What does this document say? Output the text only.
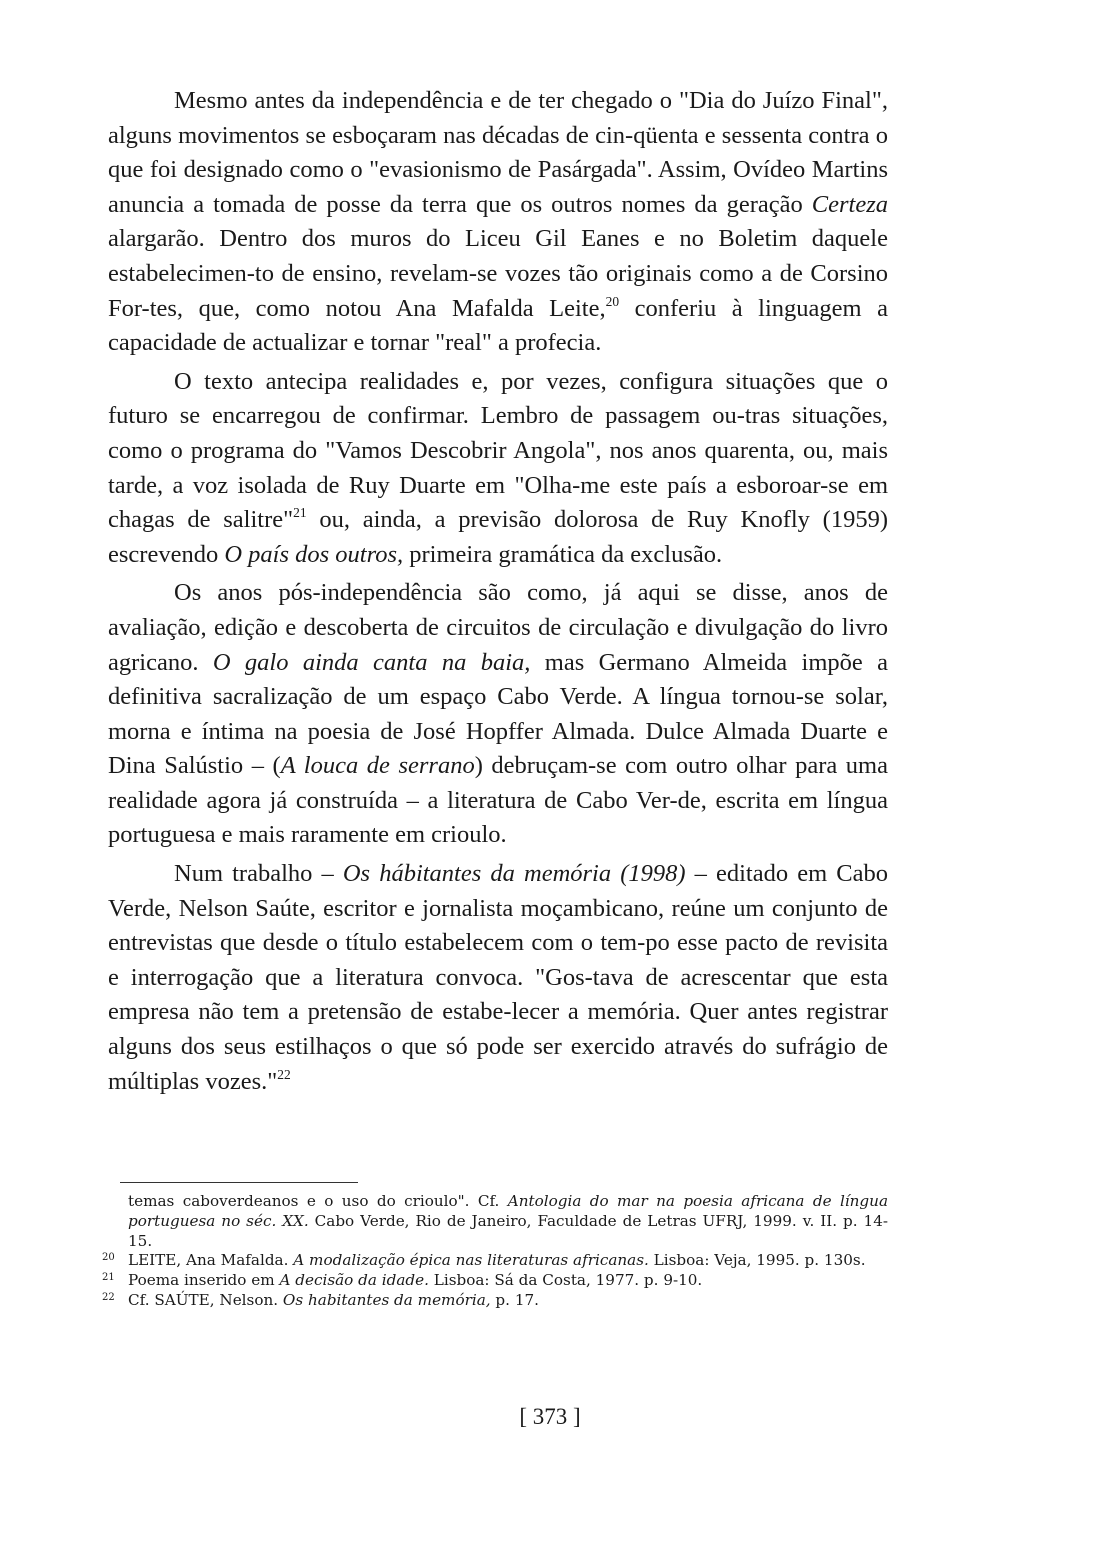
Mesmo antes da independência e de ter chegado o "Dia do Juízo Final", alguns movimentos se esboçaram nas décadas de cin-qüenta e sessenta contra o que foi designado como o "evasionismo de Pasárgada". Assim, Ovídeo Martins anuncia a tomada de posse da terra que os outros nomes da geração Certeza alargarão. Dentro dos muros do Liceu Gil Eanes e no Boletim daquele estabelecimen-to de ensino, revelam-se vozes tão originais como a de Corsino For-tes, que, como notou Ana Mafalda Leite,$^{20}$ conferiu à linguagem a capacidade de actualizar e tornar "real" a profecia.

O texto antecipa realidades e, por vezes, configura situações que o futuro se encarregou de confirmar. Lembro de passagem ou-tras situações, como o programa do "Vamos Descobrir Angola", nos anos quarenta, ou, mais tarde, a voz isolada de Ruy Duarte em "Olha-me este país a esboroar-se em chagas de salitre"$^{21}$ ou, ainda, a previsão dolorosa de Ruy Knofly (1959) escrevendo O país dos outros, primeira gramática da exclusão.

Os anos pós-independência são como, já aqui se disse, anos de avaliação, edição e descoberta de circuitos de circulação e divulgação do livro agricano. O galo ainda canta na baia, mas Germano Almeida impõe a definitiva sacralização de um espaço Cabo Verde. A língua tornou-se solar, morna e íntima na poesia de José Hopffer Almada. Dulce Almada Duarte e Dina Salústio – (A louca de serrano) debruçam-se com outro olhar para uma realidade agora já construída – a literatura de Cabo Ver-de, escrita em língua portuguesa e mais raramente em crioulo.

Num trabalho – Os hábitantes da memória (1998) – editado em Cabo Verde, Nelson Saúte, escritor e jornalista moçambicano, reúne um conjunto de entrevistas que desde o título estabelecem com o tem-po esse pacto de revisita e interrogação que a literatura convoca. "Gos-tava de acrescentar que esta empresa não tem a pretensão de estabe-lecer a memória. Quer antes registrar alguns dos seus estilhaços o que só pode ser exercido através do sufrágio de múltiplas vozes."$^{22}$

temas caboverdeanos e o uso do crioulo". Cf. Antologia do mar na poesia africana de língua portuguesa no séc. XX. Cabo Verde, Rio de Janeiro, Faculdade de Letras UFRJ, 1999. v. II. p. 14-15.

20 LEITE, Ana Mafalda. A modalização épica nas literaturas africanas. Lisboa: Veja, 1995. p. 130s.

21 Poema inserido em A decisão da idade. Lisboa: Sá da Costa, 1977. p. 9-10.

22 Cf. SAÚTE, Nelson. Os habitantes da memória, p. 17.

[ 373 ]
